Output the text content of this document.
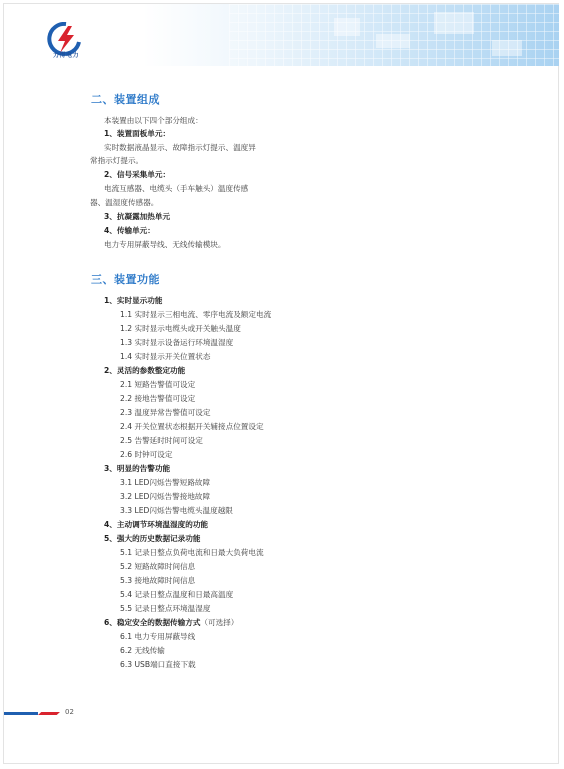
力得电力
二、装置组成
本装置由以下四个部分组成：
1、装置面板单元：
实时数据液晶显示、故障指示灯提示、温度异
常指示灯提示。
2、信号采集单元：
电流互感器、电缆头（手车触头）温度传感
器、温湿度传感器。
3、抗凝露加热单元
4、传输单元：
电力专用屏蔽导线、无线传输模块。
三、装置功能
1、实时显示功能
1.1 实时显示三相电流、零序电流及额定电流
1.2 实时显示电缆头或开关触头温度
1.3 实时显示设备运行环境温湿度
1.4 实时显示开关位置状态
2、灵活的参数整定功能
2.1 短路告警值可设定
2.2 接地告警值可设定
2.3 温度异常告警值可设定
2.4 开关位置状态根据开关辅接点位置设定
2.5 告警延时时间可设定
2.6 时钟可设定
3、明显的告警功能
3.1 LED闪烁告警短路故障
3.2 LED闪烁告警接地故障
3.3 LED闪烁告警电缆头温度越限
4、主动调节环境温湿度的功能
5、强大的历史数据记录功能
5.1 记录日整点负荷电流和日最大负荷电流
5.2 短路故障时间信息
5.3 接地故障时间信息
5.4 记录日整点温度和日最高温度
5.5 记录日整点环境温湿度
6、稳定安全的数据传输方式（可选择）
6.1 电力专用屏蔽导线
6.2 无线传输
6.3 USB端口直接下载
02
